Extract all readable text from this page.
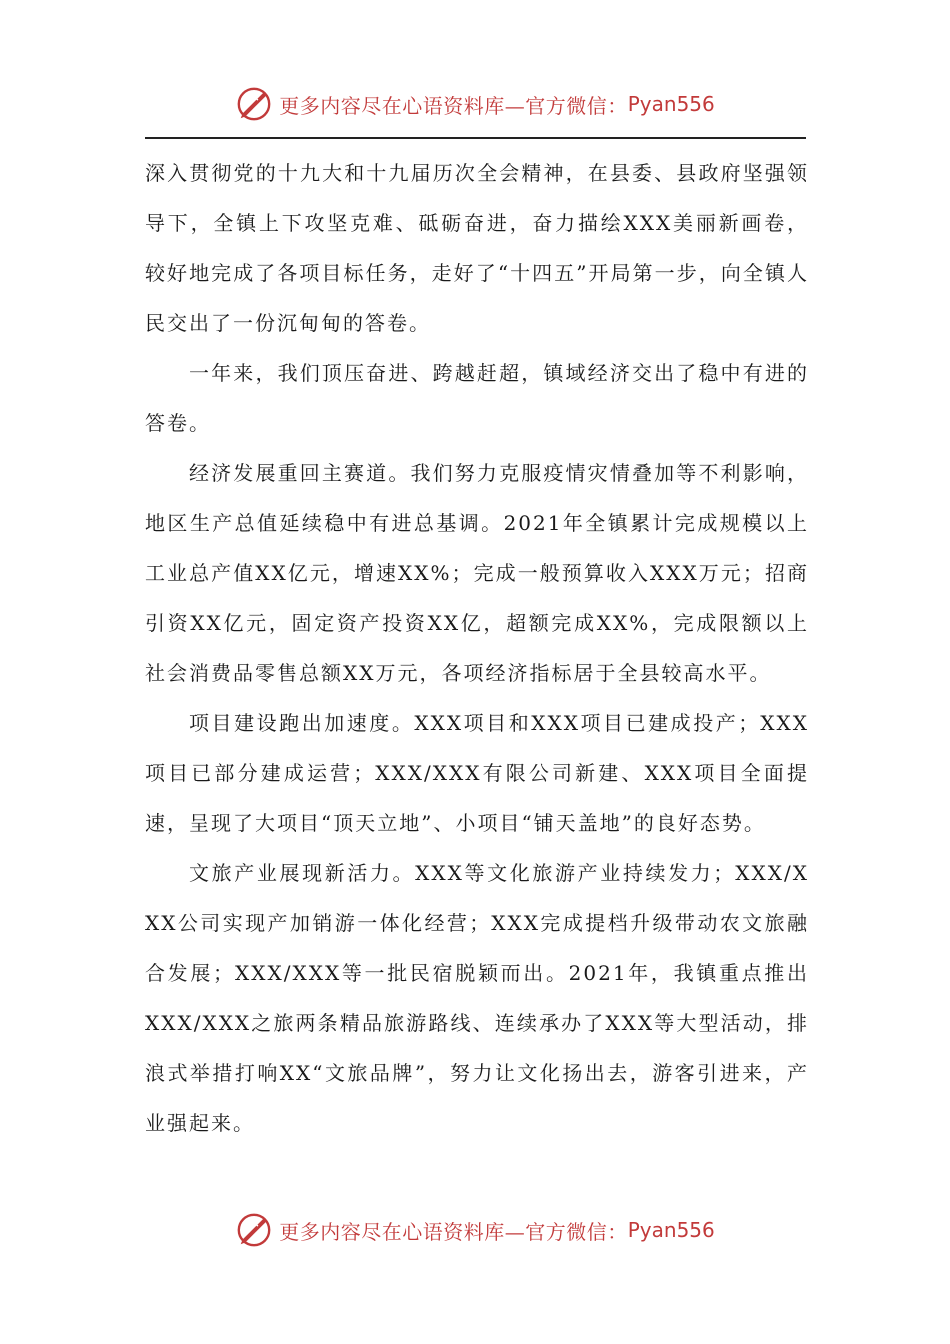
更多内容尽在心语资料库—官方微信： Pyan556

深入贯彻党的十九大和十九届历次全会精神，在县委、县政府坚强领导下，全镇上下攻坚克难、砥砺奋进，奋力描绘XXX美丽新画卷，较好地完成了各项目标任务，走好了“十四五”开局第一步，向全镇人民交出了一份沉甸甸的答卷。

一年来，我们顶压奋进、跨越赶超，镇域经济交出了稳中有进的答卷。

经济发展重回主赛道。我们努力克服疫情灾情叠加等不利影响，地区生产总值延续稳中有进总基调。2021年全镇累计完成规模以上工业总产值XX亿元，增速XX%；完成一般预算收入XXX万元；招商引资XX亿元，固定资产投资XX亿，超额完成XX%，完成限额以上社会消费品零售总额XX万元，各项经济指标居于全县较高水平。

项目建设跑出加速度。XXX项目和XXX项目已建成投产；XXX项目已部分建成运营；XXX/XXX有限公司新建、XXX项目全面提速，呈现了大项目“顶天立地”、小项目“铺天盖地”的良好态势。

文旅产业展现新活力。XXX等文化旅游产业持续发力；XXX/XXX公司实现产加销游一体化经营；XXX完成提档升级带动农文旅融合发展；XXX/XXX等一批民宿脱颖而出。2021年，我镇重点推出XXX/XXX之旅两条精品旅游路线、连续承办了XXX等大型活动，排浪式举措打响XX“文旅品牌”，努力让文化扬出去，游客引进来，产业强起来。

更多内容尽在心语资料库—官方微信： Pyan556
